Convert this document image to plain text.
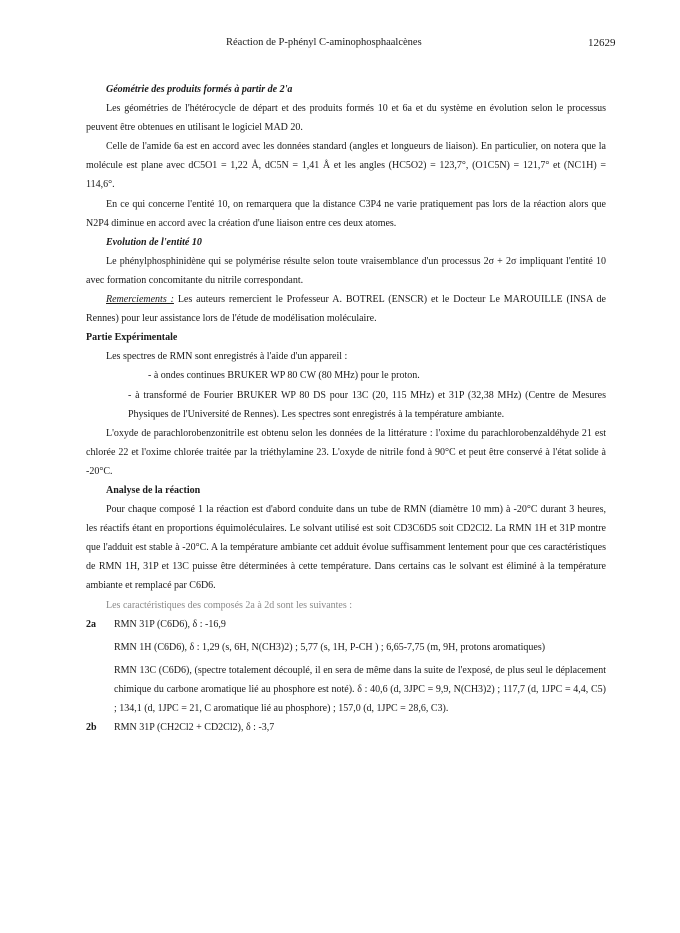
Réaction de P-phényl C-aminophosphaalcènes	12629

Géométrie des produits formés à partir de 2'a

Les géométries de l'hétérocycle de départ et des produits formés 10 et 6a et du système en évolution selon le processus peuvent être obtenues en utilisant le logiciel MAD 20.

Celle de l'amide 6a est en accord avec les données standard (angles et longueurs de liaison). En particulier, on notera que la molécule est plane avec dC5O1 = 1,22 Å, dC5N = 1,41 Å et les angles (HC5O2) = 123,7°, (O1C5N) = 121,7° et (NC1H) = 114,6°.

En ce qui concerne l'entité 10, on remarquera que la distance C3P4 ne varie pratiquement pas lors de la réaction alors que N2P4 diminue en accord avec la création d'une liaison entre ces deux atomes.

Evolution de l'entité 10

Le phénylphosphinidène qui se polymérise résulte selon toute vraisemblance d'un processus 2σ + 2σ impliquant l'entité 10 avec formation concomitante du nitrile correspondant.

Remerciements : Les auteurs remercient le Professeur A. BOTREL (ENSCR) et le Docteur Le MAROUILLE (INSA de Rennes) pour leur assistance lors de l'étude de modélisation moléculaire.

Partie Expérimentale

Les spectres de RMN sont enregistrés à l'aide d'un appareil :

- à ondes continues BRUKER WP 80 CW (80 MHz) pour le proton.

- à transformé de Fourier BRUKER WP 80 DS pour 13C (20, 115 MHz) et 31P (32,38 MHz) (Centre de Mesures Physiques de l'Université de Rennes). Les spectres sont enregistrés à la température ambiante.

L'oxyde de parachlorobenzonitrile est obtenu selon les données de la littérature : l'oxime du parachlorobenzaldéhyde 21 est chlorée 22 et l'oxime chlorée traitée par la triéthylamine 23. L'oxyde de nitrile fond à 90°C et peut être conservé à l'état solide à -20°C.

Analyse de la réaction

Pour chaque composé 1 la réaction est d'abord conduite dans un tube de RMN (diamètre 10 mm) à -20°C durant 3 heures, les réactifs étant en proportions équimoléculaires. Le solvant utilisé est soit CD3C6D5 soit CD2Cl2. La RMN 1H et 31P montre que l'adduit est stable à -20°C. A la température ambiante cet adduit évolue suffisamment lentement pour que ces caractéristiques de RMN 1H, 31P et 13C puisse être déterminées à cette température. Dans certains cas le solvant est éliminé à la température ambiante et remplacé par C6D6.

Les caractéristiques des composés 2a à 2d sont les suivantes :

2a	RMN 31P (C6D6), δ : -16,9

RMN 1H (C6D6), δ : 1,29 (s, 6H, N(CH3)2) ; 5,77 (s, 1H, P-CH ) ; 6,65-7,75 (m, 9H, protons aromatiques)

RMN 13C (C6D6), (spectre totalement découplé, il en sera de même dans la suite de l'exposé, de plus seul le déplacement chimique du carbone aromatique lié au phosphore est noté). δ : 40,6 (d, 3JPC = 9,9, N(CH3)2) ; 117,7 (d, 1JPC = 4,4, C5) ; 134,1 (d, 1JPC = 21, C aromatique lié au phosphore) ; 157,0 (d, 1JPC = 28,6, C3).

2b	RMN 31P (CH2Cl2 + CD2Cl2), δ : -3,7
